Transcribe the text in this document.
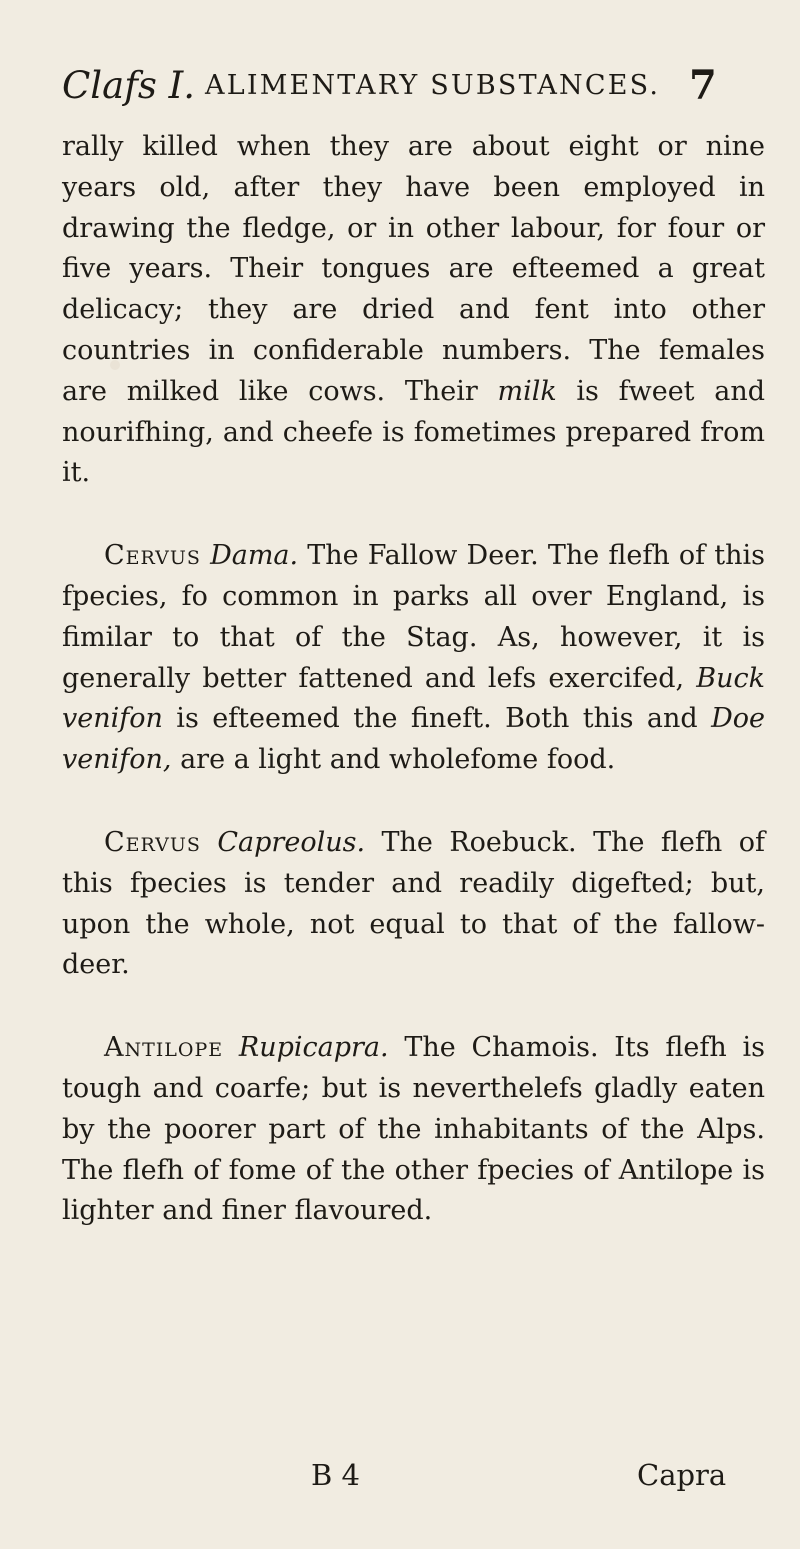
Clafs I. ALIMENTARY SUBSTANCES. 7

rally killed when they are about eight or nine years old, after they have been employed in drawing the fledge, or in other labour, for four or five years. Their tongues are efteemed a great delicacy; they are dried and fent into other countries in confiderable numbers. The females are milked like cows. Their milk is fweet and nourifhing, and cheefe is fometimes prepared from it.

Cervus Dama. The Fallow Deer. The flefh of this fpecies, fo common in parks all over England, is fimilar to that of the Stag. As, however, it is generally better fattened and lefs exercifed, Buck venifon is efteemed the fineft. Both this and Doe venifon, are a light and wholefome food.

Cervus Capreolus. The Roebuck. The flefh of this fpecies is tender and readily digefted; but, upon the whole, not equal to that of the fallow-deer.

Antilope Rupicapra. The Chamois. Its flefh is tough and coarfe; but is neverthelefs gladly eaten by the poorer part of the inhabitants of the Alps. The flefh of fome of the other fpecies of Antilope is lighter and finer flavoured.

B 4	Capra
